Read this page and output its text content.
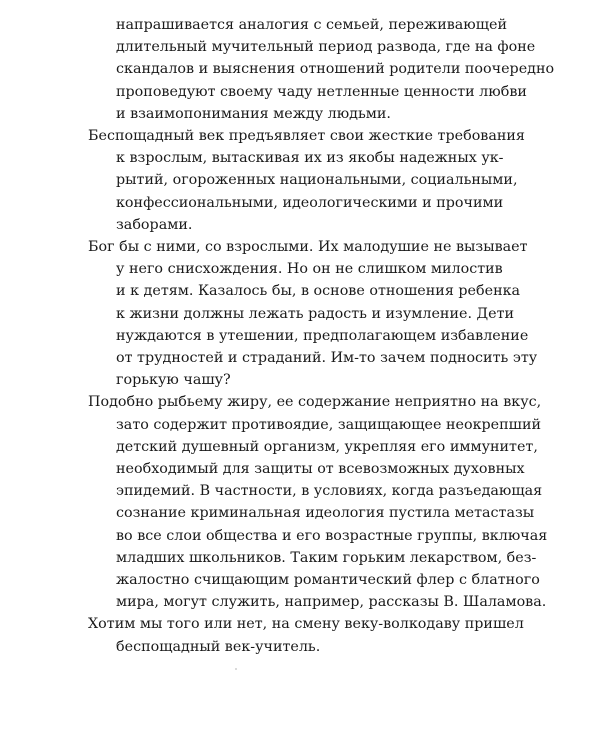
напрашивается аналогия с семьей, переживающей
длительный мучительный период развода, где на фоне
скандалов и выяснения отношений родители поочередно
проповедуют своему чаду нетленные ценности любви
и взаимопонимания между людьми.

Беспощадный век предъявляет свои жесткие требования
к взрослым, вытаскивая их из якобы надежных ук-
рытий, огороженных национальными, социальными,
конфессиональными, идеологическими и прочими
заборами.

Бог бы с ними, со взрослыми. Их малодушие не вызывает
у него снисхождения. Но он не слишком милостив
и к детям. Казалось бы, в основе отношения ребенка
к жизни должны лежать радость и изумление. Дети
нуждаются в утешении, предполагающем избавление
от трудностей и страданий. Им-то зачем подносить эту
горькую чашу?

Подобно рыбьему жиру, ее содержание неприятно на вкус,
зато содержит противоядие, защищающее неокрепший
детский душевный организм, укрепляя его иммунитет,
необходимый для защиты от всевозможных духовных
эпидемий. В частности, в условиях, когда разъедающая
сознание криминальная идеология пустила метастазы
во все слои общества и его возрастные группы, включая
младших школьников. Таким горьким лекарством, без-
жалостно счищающим романтический флер с блатного
мира, могут служить, например, рассказы В. Шаламова.

Хотим мы того или нет, на смену веку-волкодаву пришел
беспощадный век-учитель.
